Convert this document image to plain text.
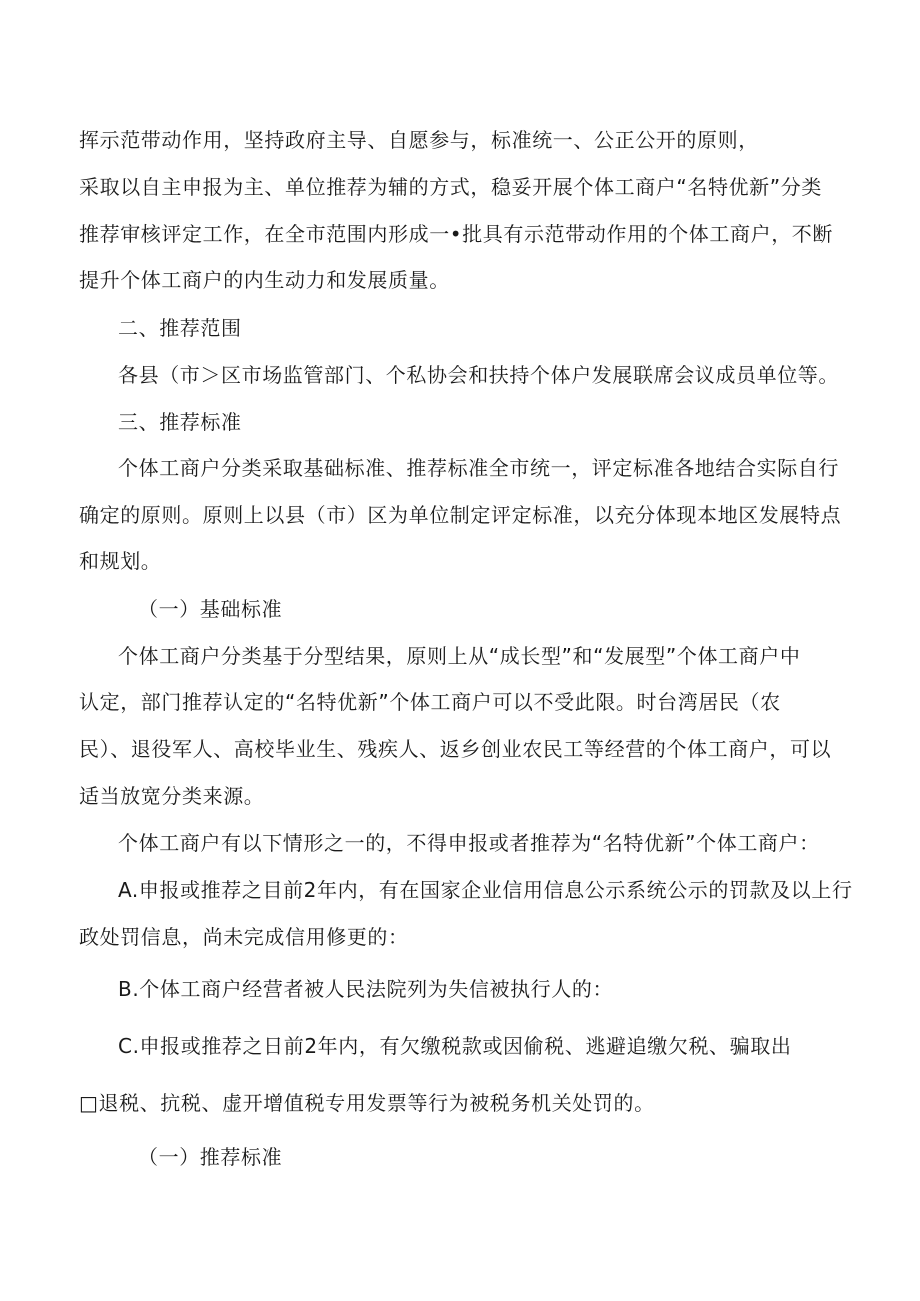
挥示范带动作用，坚持政府主导、自愿参与，标准统一、公正公开的原则，
采取以自主申报为主、单位推荐为辅的方式，稳妥开展个体工商户“名特优新”分类
推荐审核评定工作，在全市范围内形成一•批具有示范带动作用的个体工商户，不断
提升个体工商户的内生动力和发展质量。
二、推荐范围
各县（市＞区市场监管部门、个私协会和扶持个体户发展联席会议成员单位等。
三、推荐标准
个体工商户分类采取基础标准、推荐标准全市统一，评定标准各地结合实际自行
确定的原则。原则上以县（市）区为单位制定评定标准，以充分体现本地区发展特点
和规划。
（一）基础标准
个体工商户分类基于分型结果，原则上从“成长型”和“发展型”个体工商户中
认定，部门推荐认定的“名特优新”个体工商户可以不受此限。时台湾居民（农
民）、退役军人、高校毕业生、残疾人、返乡创业农民工等经营的个体工商户，可以
适当放宽分类来源。
个体工商户有以下情形之一的，不得申报或者推荐为“名特优新”个体工商户：
A.申报或推荐之目前2年内，有在国家企业信用信息公示系统公示的罚款及以上行
政处罚信息，尚未完成信用修更的：
B.个体工商户经营者被人民法院列为失信被执行人的：
C.申报或推荐之日前2年内，有欠缴税款或因偷税、逃避追缴欠税、骗取出
□退税、抗税、虚开增值税专用发票等行为被税务机关处罚的。
（一）推荐标准
